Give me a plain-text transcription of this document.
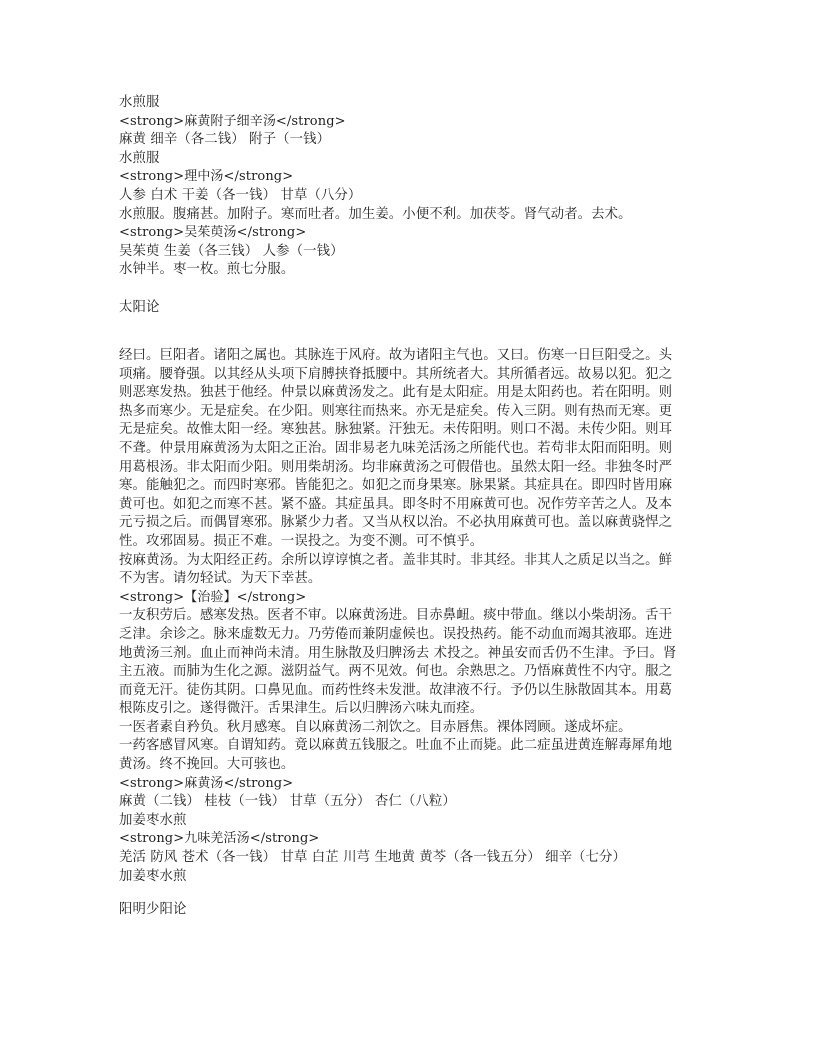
水煎服
<strong>麻黄附子细辛汤</strong>
麻黄 细辛（各二钱） 附子（一钱）
水煎服
<strong>理中汤</strong>
人参 白术 干姜（各一钱） 甘草（八分）
水煎服。腹痛甚。加附子。寒而吐者。加生姜。小便不利。加茯苓。肾气动者。去术。
<strong>吴茱萸汤</strong>
吴茱萸 生姜（各三钱） 人参（一钱）
水钟半。枣一枚。煎七分服。
太阳论
经曰。巨阳者。诸阳之属也。其脉连于风府。故为诸阳主气也。又曰。伤寒一日巨阳受之。头
项痛。腰脊强。以其经从头项下肩膊挟脊抵腰中。其所统者大。其所循者远。故易以犯。犯之
则恶寒发热。独甚于他经。仲景以麻黄汤发之。此有是太阳症。用是太阳药也。若在阳明。则
热多而寒少。无是症矣。在少阳。则寒往而热来。亦无是症矣。传入三阴。则有热而无寒。更
无是症矣。故惟太阳一经。寒独甚。脉独紧。汗独无。未传阳明。则口不渴。未传少阳。则耳
不聋。仲景用麻黄汤为太阳之正治。固非易老九味羌活汤之所能代也。若苟非太阳而阳明。则
用葛根汤。非太阳而少阳。则用柴胡汤。均非麻黄汤之可假借也。虽然太阳一经。非独冬时严
寒。能触犯之。而四时寒邪。皆能犯之。如犯之而身果寒。脉果紧。其症具在。即四时皆用麻
黄可也。如犯之而寒不甚。紧不盛。其症虽具。即冬时不用麻黄可也。况作劳辛苦之人。及本
元亏损之后。而偶冒寒邪。脉紧少力者。又当从权以治。不必执用麻黄可也。盖以麻黄骁悍之
性。攻邪固易。损正不难。一误投之。为变不测。可不慎乎。
按麻黄汤。为太阳经正药。余所以谆谆慎之者。盖非其时。非其经。非其人之质足以当之。鲜
不为害。请勿轻试。为天下幸甚。
<strong>【治验】</strong>
一友积劳后。感寒发热。医者不审。以麻黄汤进。目赤鼻衄。痰中带血。继以小柴胡汤。舌干
乏津。余诊之。脉来虚数无力。乃劳倦而兼阴虚候也。误投热药。能不动血而竭其液耶。连进
地黄汤三剂。血止而神尚未清。用生脉散及归脾汤去 术投之。神虽安而舌仍不生津。予曰。肾
主五液。而肺为生化之源。滋阴益气。两不见效。何也。余熟思之。乃悟麻黄性不内守。服之
而竟无汗。徒伤其阴。口鼻见血。而药性终未发泄。故津液不行。予仍以生脉散固其本。用葛
根陈皮引之。遂得微汗。舌果津生。后以归脾汤六味丸而痊。
一医者素自矜负。秋月感寒。自以麻黄汤二剂饮之。目赤唇焦。裸体罔顾。遂成坏症。
一药客感冒风寒。自谓知药。竟以麻黄五钱服之。吐血不止而毙。此二症虽进黄连解毒犀角地
黄汤。终不挽回。大可骇也。
<strong>麻黄汤</strong>
麻黄（二钱） 桂枝（一钱） 甘草（五分） 杏仁（八粒）
加姜枣水煎
<strong>九味羌活汤</strong>
羌活 防风 苍术（各一钱） 甘草 白芷 川芎 生地黄 黄芩（各一钱五分） 细辛（七分）
加姜枣水煎
阳明少阳论
